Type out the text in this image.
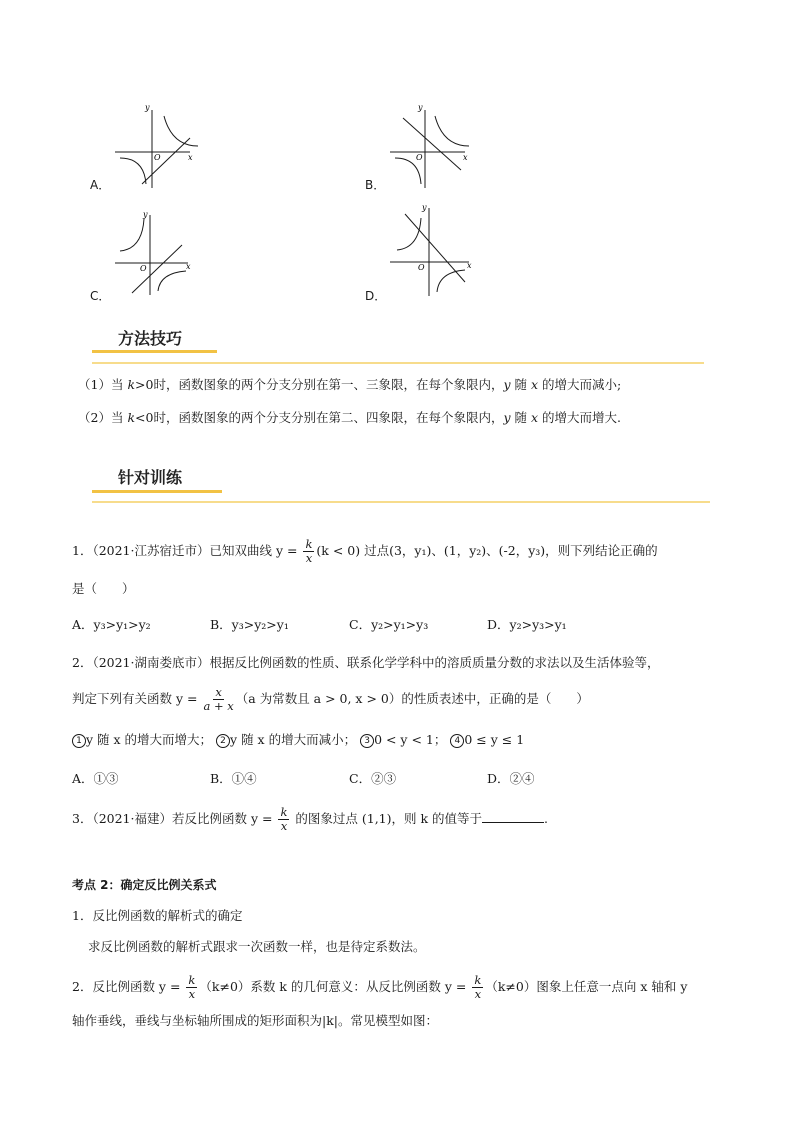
x
y
O
A．
x
y
O
B．
x
y
O
C．
x
y
O
D．
方法技巧
（1）当 k>0时，函数图象的两个分支分别在第一、三象限，在每个象限内，y 随 x 的增大而减小;
（2）当 k<0时，函数图象的两个分支分别在第二、四象限，在每个象限内，y 随 x 的增大而增大.
针对训练
1．（2021·江苏宿迁市）已知双曲线 $y = \frac{k}{x} (k < 0)$ 过点(3，y₁)、(1，y₂)、(-2，y₃)，则下列结论正确的
是（　　）
A．y₃>y₁>y₂	B．y₃>y₂>y₁	C．y₂>y₁>y₃	D．y₂>y₃>y₁
2．（2021·湖南娄底市）根据反比例函数的性质、联系化学学科中的溶质质量分数的求法以及生活体验等，
判定下列有关函数 $y = \frac{x}{a + x} (a$ 为常数且 a > 0, x > 0）的性质表述中，正确的是（　　）
1 y 随 x 的增大而增大； 2 y 随 x 的增大而减小； 3 0 < y < 1； 4 0 ≤ y ≤ 1
A．①③	B．①④	C．②③	D．②④
3．（2021·福建）若反比例函数 $y = \frac{k}{x}$ 的图象过点 (1,1)，则 k 的值等于	.
考点 2：确定反比例关系式
1．反比例函数的解析式的确定
求反比例函数的解析式跟求一次函数一样，也是待定系数法。
2．反比例函数 $y = \frac{k}{x} (k\ne 0)$系数 k 的几何意义：从反比例函数 $y = \frac{k}{x} (k\ne 0)$图象上任意一点向 x 轴和 y
轴作垂线，垂线与坐标轴所围成的矩形面积为|k|。常见模型如图：
